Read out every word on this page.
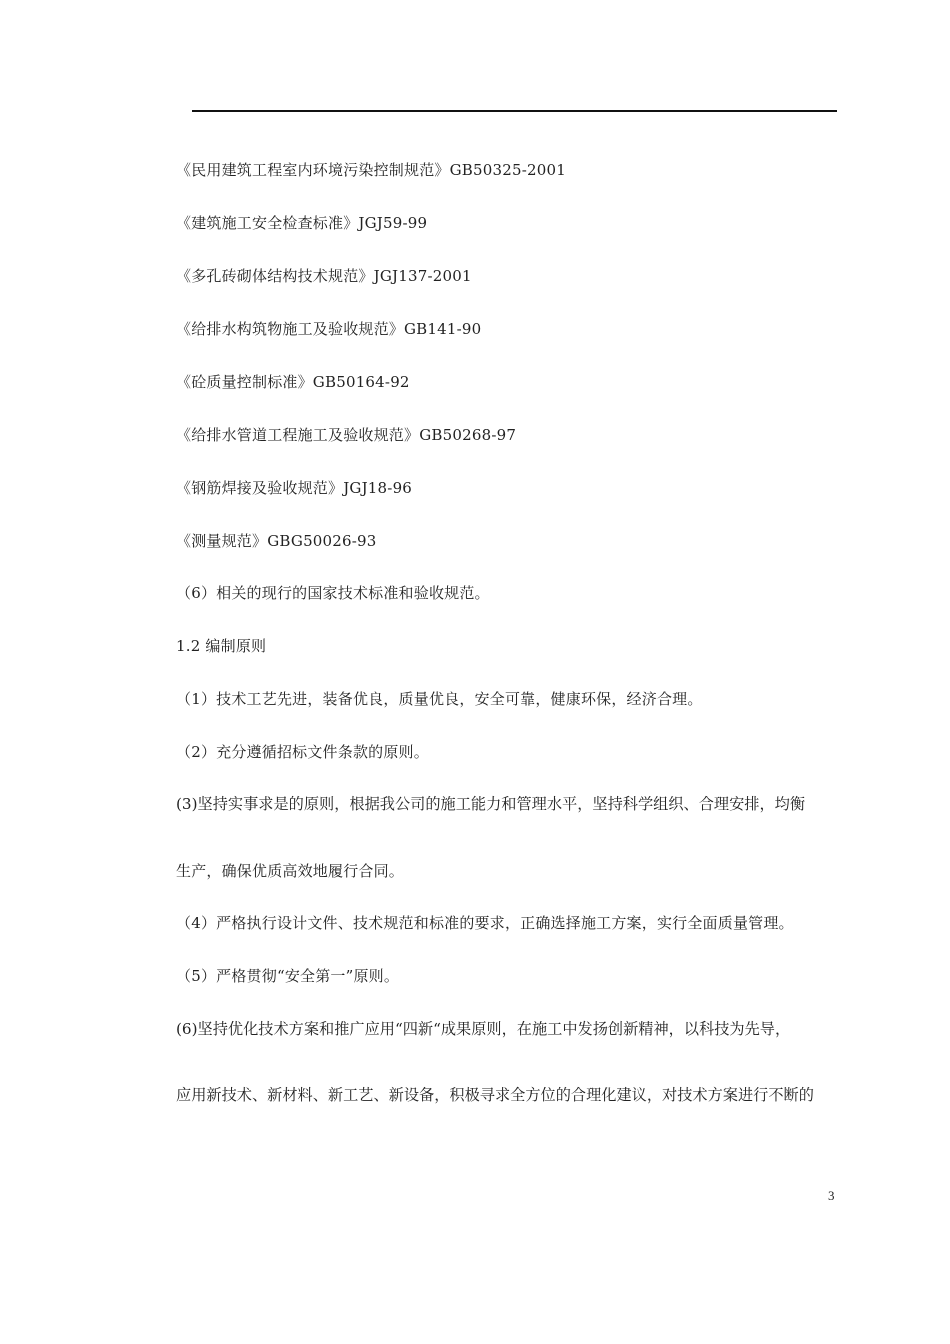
《民用建筑工程室内环境污染控制规范》GB50325-2001
《建筑施工安全检查标准》JGJ59-99
《多孔砖砌体结构技术规范》JGJ137-2001
《给排水构筑物施工及验收规范》GB141-90
《砼质量控制标准》GB50164-92
《给排水管道工程施工及验收规范》GB50268-97
《钢筋焊接及验收规范》JGJ18-96
《测量规范》GBG50026-93
（6）相关的现行的国家技术标准和验收规范。
1.2 编制原则
（1）技术工艺先进，装备优良，质量优良，安全可靠，健康环保，经济合理。
（2）充分遵循招标文件条款的原则。
(3)坚持实事求是的原则，根据我公司的施工能力和管理水平，坚持科学组织、合理安排，均衡
生产，确保优质高效地履行合同。
（4）严格执行设计文件、技术规范和标准的要求，正确选择施工方案，实行全面质量管理。
（5）严格贯彻“安全第一”原则。
(6)坚持优化技术方案和推广应用“四新“成果原则，在施工中发扬创新精神，以科技为先导，
应用新技术、新材料、新工艺、新设备，积极寻求全方位的合理化建议，对技术方案进行不断的
3
